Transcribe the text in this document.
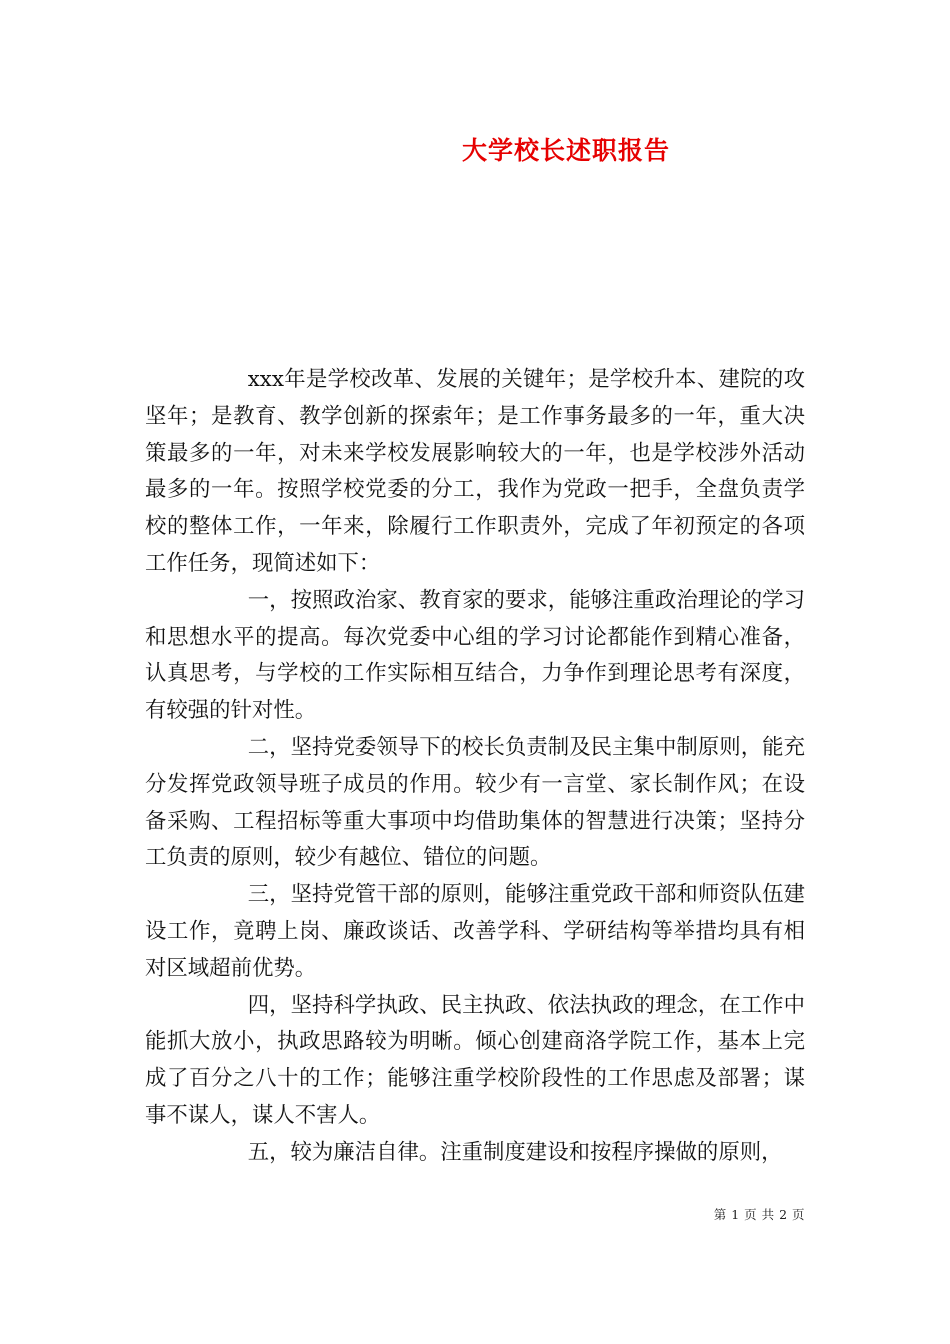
大学校长述职报告

xxx年是学校改革、发展的关键年；是学校升本、建院的攻坚年；是教育、教学创新的探索年；是工作事务最多的一年，重大决策最多的一年，对未来学校发展影响较大的一年，也是学校涉外活动最多的一年。按照学校党委的分工，我作为党政一把手，全盘负责学校的整体工作，一年来，除履行工作职责外，完成了年初预定的各项工作任务，现简述如下：

一，按照政治家、教育家的要求，能够注重政治理论的学习和思想水平的提高。每次党委中心组的学习讨论都能作到精心准备，认真思考，与学校的工作实际相互结合，力争作到理论思考有深度，有较强的针对性。

二，坚持党委领导下的校长负责制及民主集中制原则，能充分发挥党政领导班子成员的作用。较少有一言堂、家长制作风；在设备采购、工程招标等重大事项中均借助集体的智慧进行决策；坚持分工负责的原则，较少有越位、错位的问题。

三，坚持党管干部的原则，能够注重党政干部和师资队伍建设工作，竟聘上岗、廉政谈话、改善学科、学研结构等举措均具有相对区域超前优势。

四，坚持科学执政、民主执政、依法执政的理念，在工作中能抓大放小，执政思路较为明晰。倾心创建商洛学院工作，基本上完成了百分之八十的工作；能够注重学校阶段性的工作思虑及部署；谋事不谋人，谋人不害人。

五，较为廉洁自律。注重制度建设和按程序操做的原则，

第 1 页 共 2 页
